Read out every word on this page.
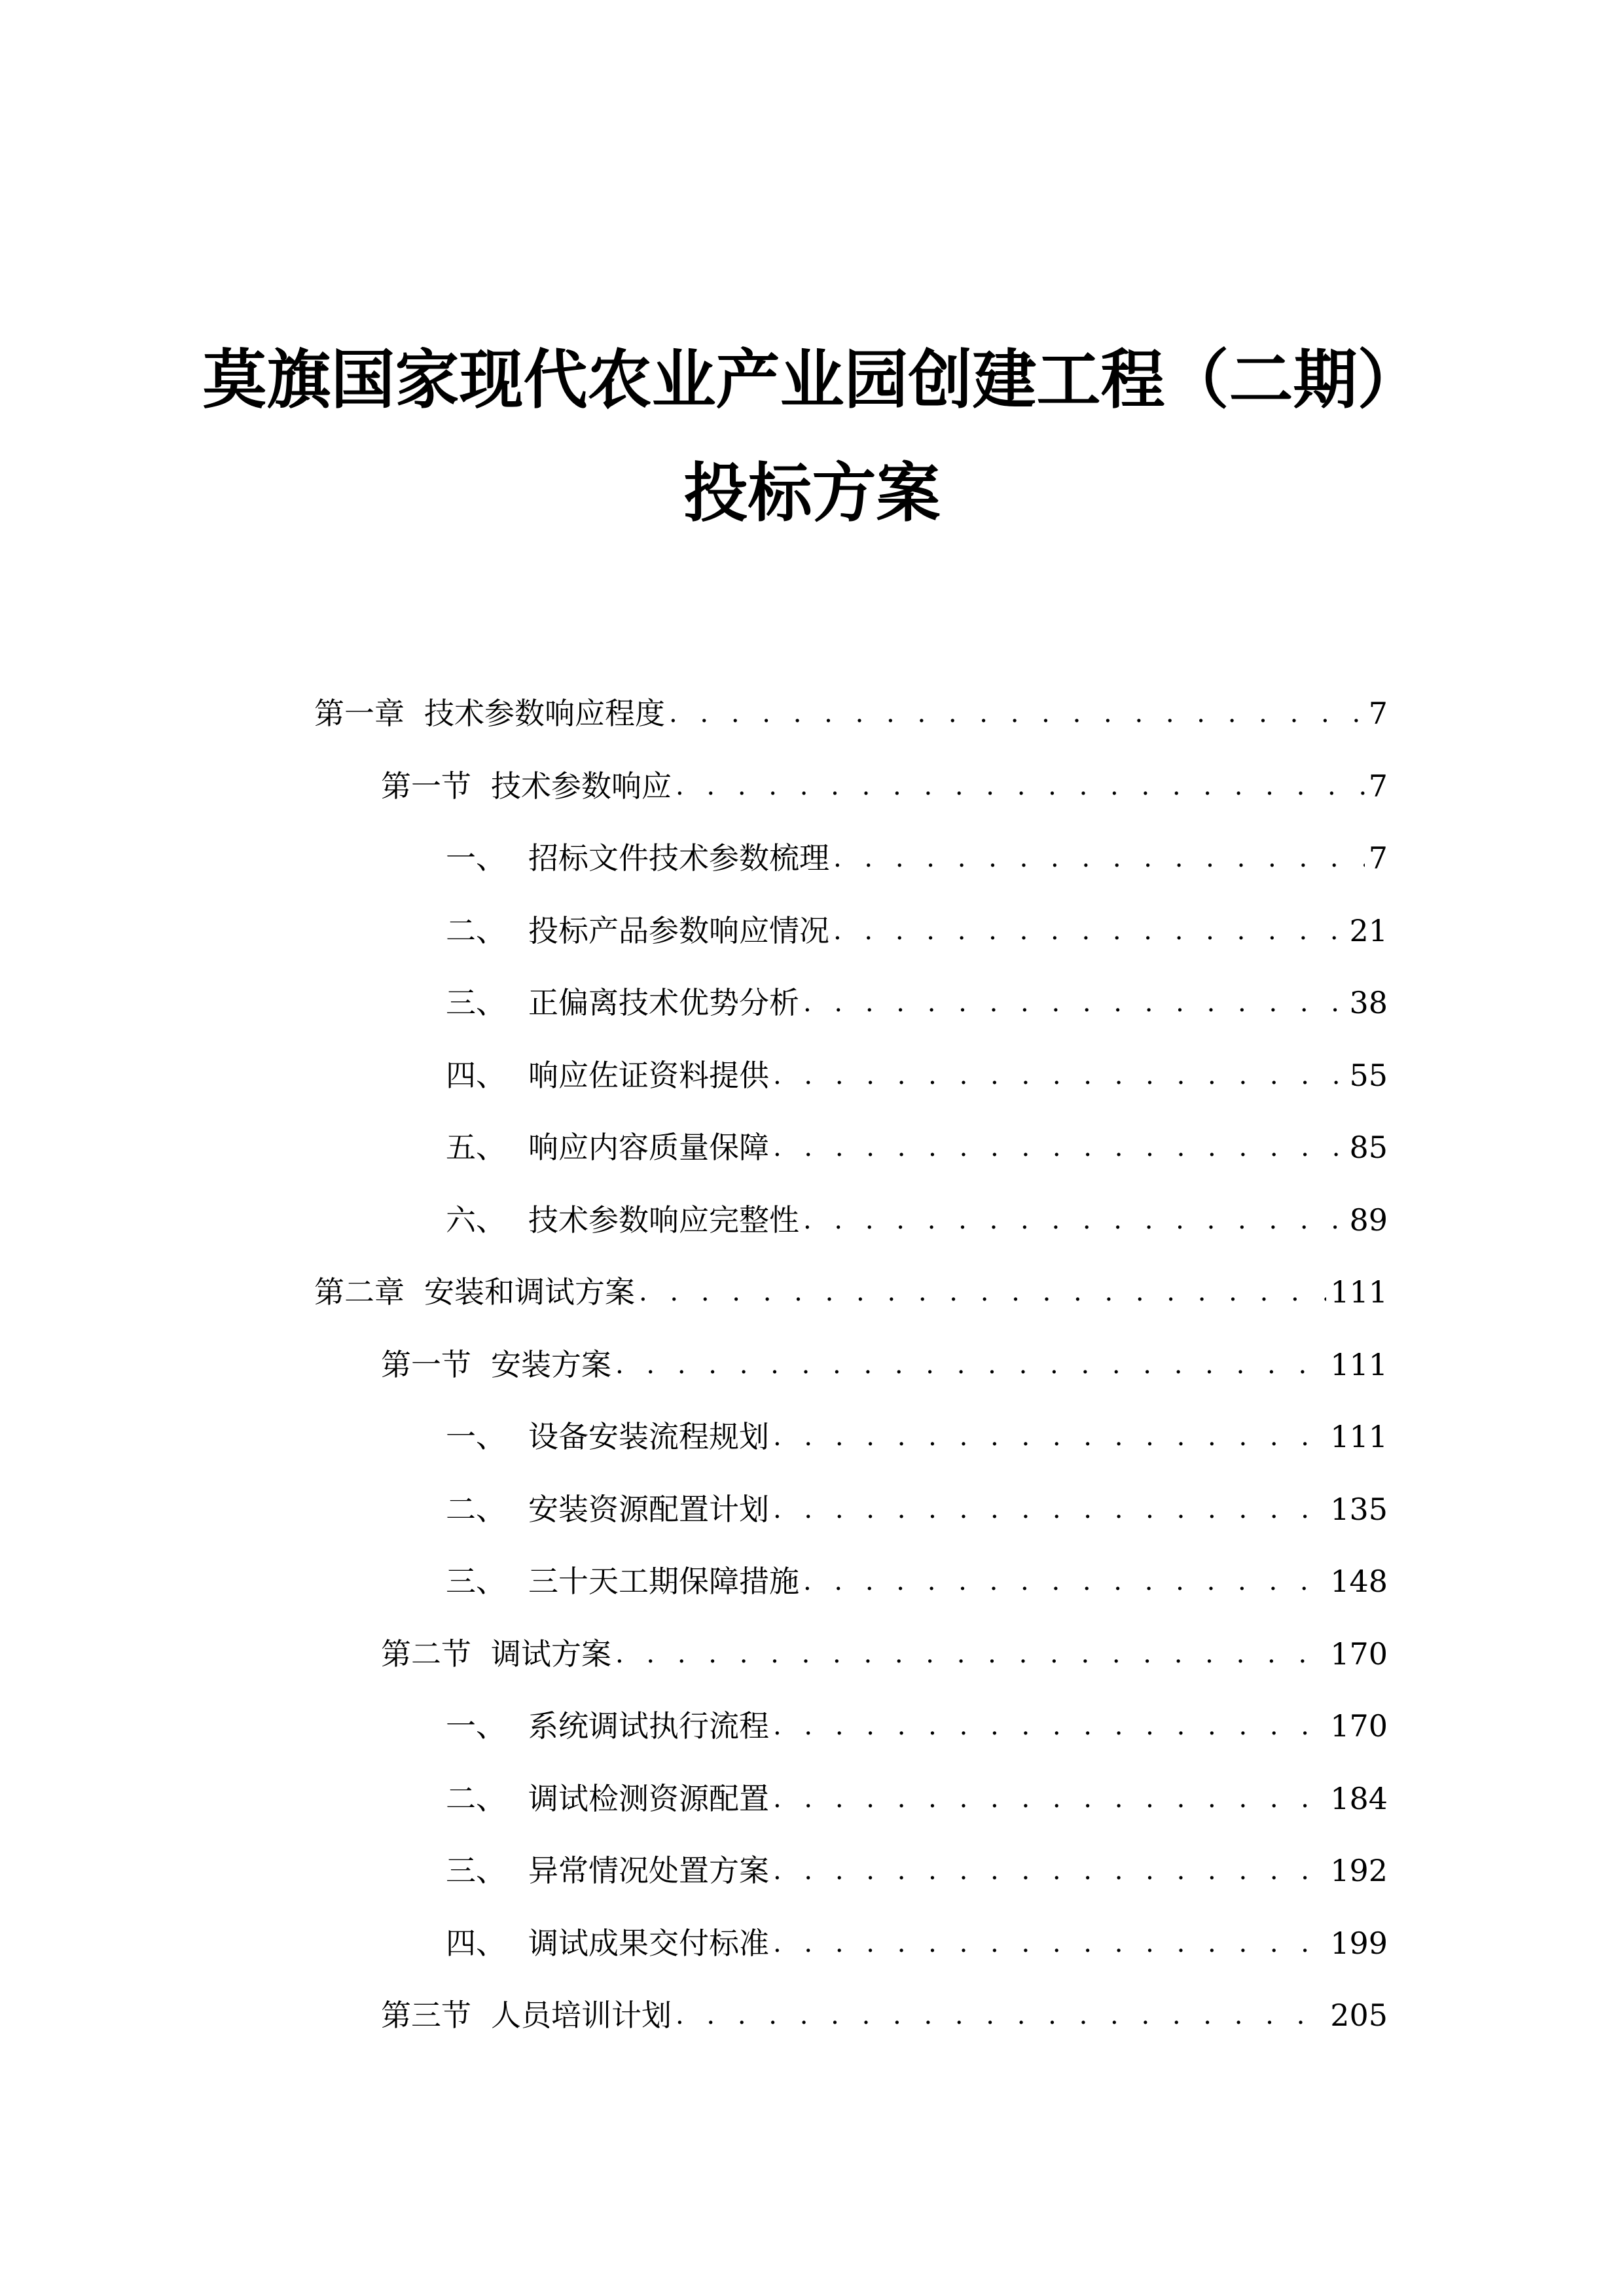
莫旗国家现代农业产业园创建工程（二期）
投标方案
第一章 技术参数响应程度 . . .	7
第一节 技术参数响应 . . .	7
一、 招标文件技术参数梳理 . . .	7
二、 投标产品参数响应情况 . . .	21
三、 正偏离技术优势分析 . . .	38
四、 响应佐证资料提供 . . .	55
五、 响应内容质量保障 . . .	85
六、 技术参数响应完整性 . . .	89
第二章 安装和调试方案 . . .	111
第一节 安装方案 . . .	111
一、 设备安装流程规划 . . .	111
二、 安装资源配置计划 . . .	135
三、 三十天工期保障措施 . . .	148
第二节 调试方案 . . .	170
一、 系统调试执行流程 . . .	170
二、 调试检测资源配置 . . .	184
三、 异常情况处置方案 . . .	192
四、 调试成果交付标准 . . .	199
第三节 人员培训计划 . . .	205
